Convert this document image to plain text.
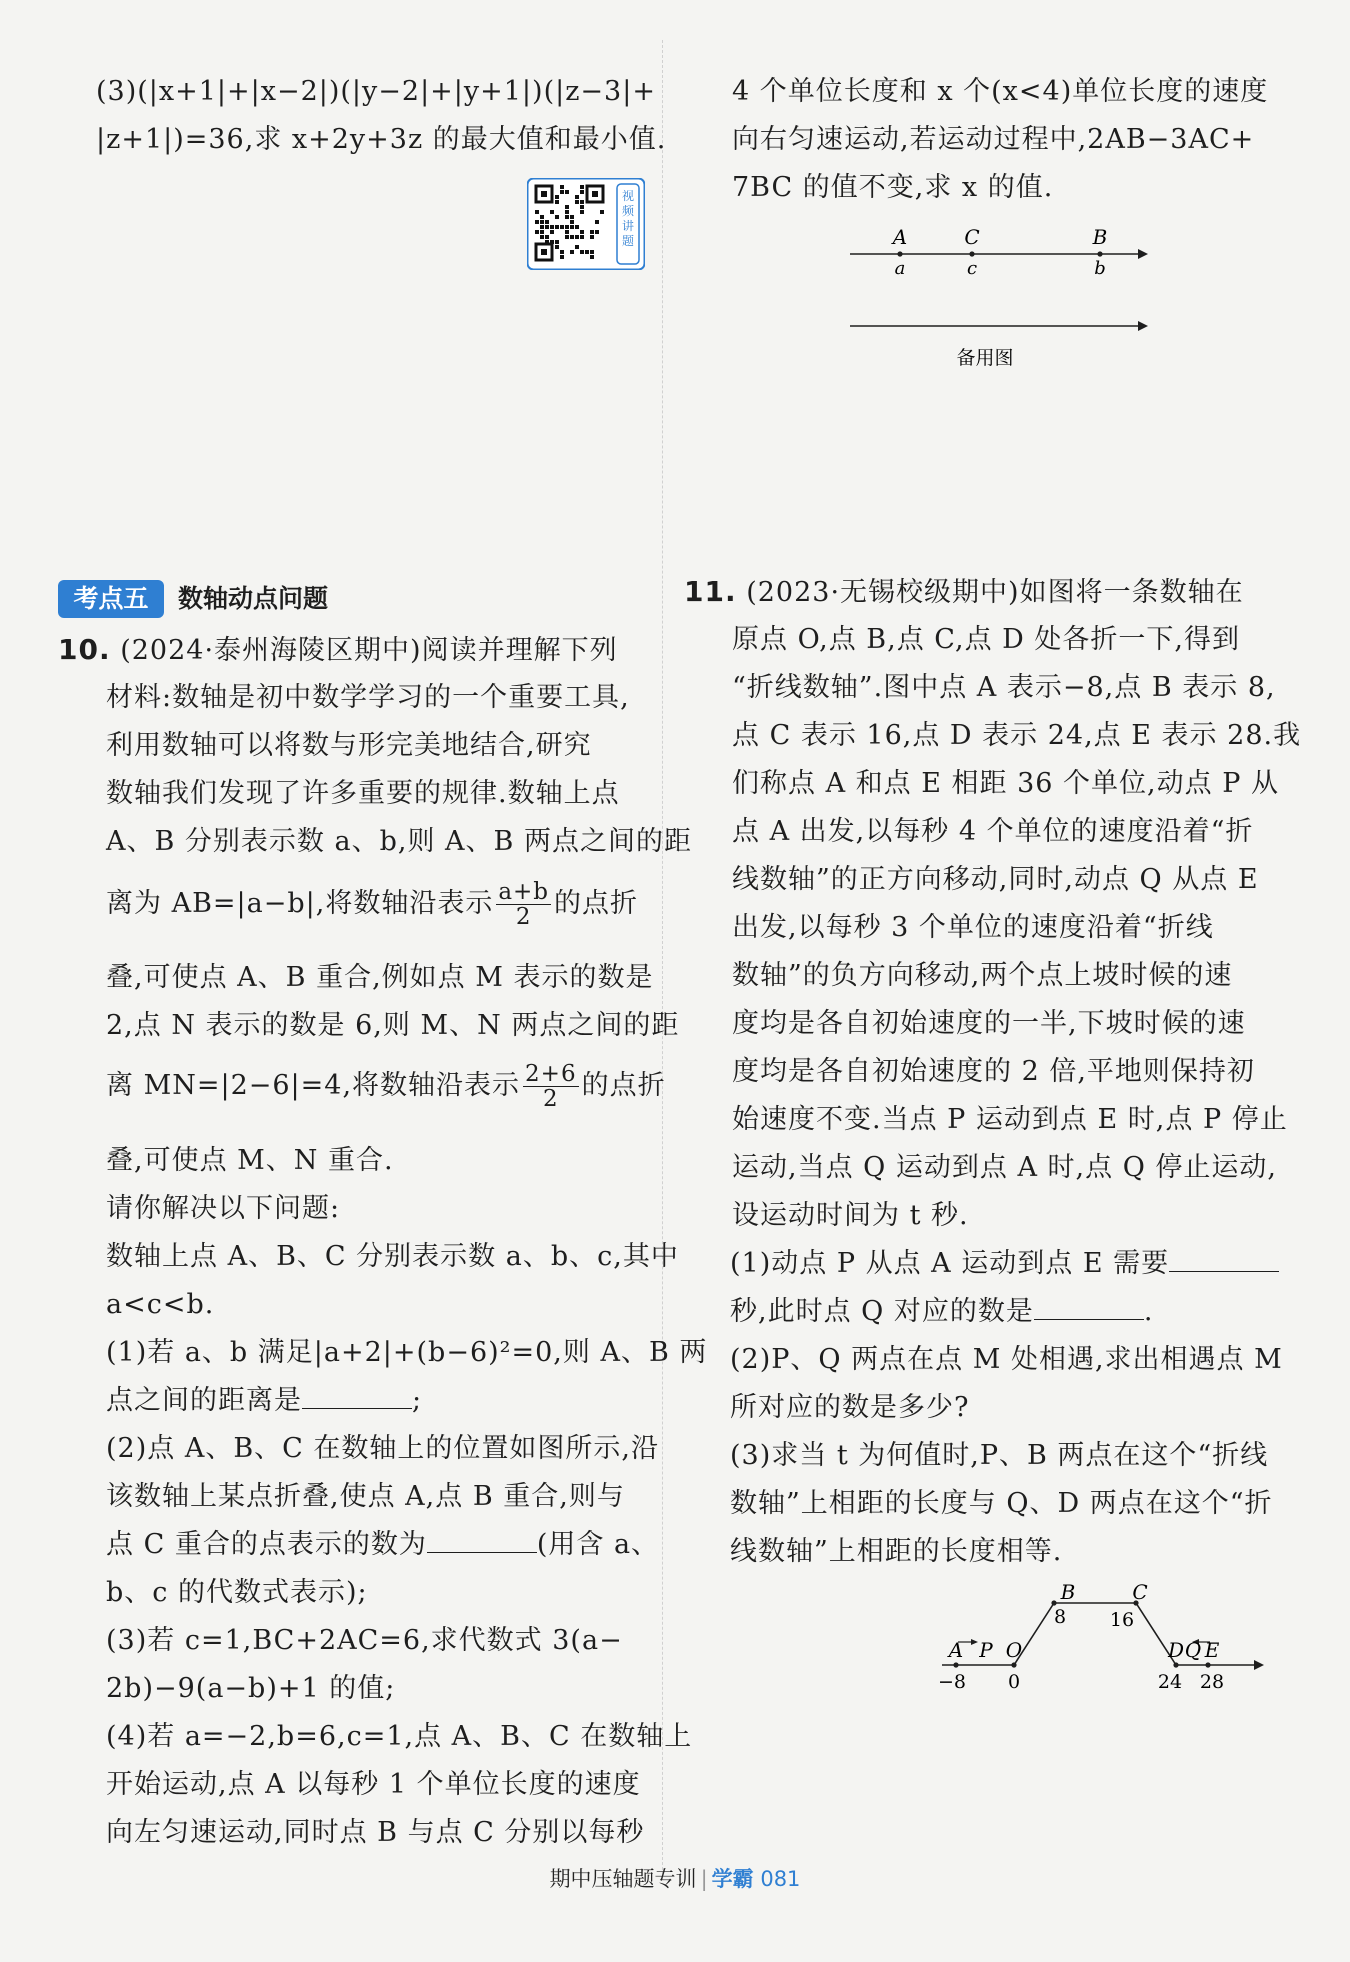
(3)(|x+1|+|x−2|)(|y−2|+|y+1|)(|z−3|+
|z+1|)=36,求 x+2y+3z 的最大值和最小值.
视频讲题
考点五	数轴动点问题
10. (2024·泰州海陵区期中)阅读并理解下列
材料:数轴是初中数学学习的一个重要工具,
利用数轴可以将数与形完美地结合,研究
数轴我们发现了许多重要的规律.数轴上点
A、B 分别表示数 a、b,则 A、B 两点之间的距
离为 AB=|a−b|,将数轴沿表示 $\frac{a+b}{2}$ 的点折
叠,可使点 A、B 重合,例如点 M 表示的数是
2,点 N 表示的数是 6,则 M、N 两点之间的距
离 MN=|2−6|=4,将数轴沿表示 $\frac{2+6}{2}$ 的点折
叠,可使点 M、N 重合.
请你解决以下问题:
数轴上点 A、B、C 分别表示数 a、b、c,其中
a<c<b.
(1)若 a、b 满足|a+2|+(b−6)²=0,则 A、B 两
点之间的距离是	;
(2)点 A、B、C 在数轴上的位置如图所示,沿
该数轴上某点折叠,使点 A,点 B 重合,则与
点 C 重合的点表示的数为	(用含 a、
b、c 的代数式表示);
(3)若 c=1,BC+2AC=6,求代数式 3(a−
2b)−9(a−b)+1 的值;
(4)若 a=−2,b=6,c=1,点 A、B、C 在数轴上
开始运动,点 A 以每秒 1 个单位长度的速度
向左匀速运动,同时点 B 与点 C 分别以每秒
4 个单位长度和 x 个(x<4)单位长度的速度
向右匀速运动,若运动过程中,2AB−3AC+
7BC 的值不变,求 x 的值.
A	C	B
a	c	b
备用图
11. (2023·无锡校级期中)如图将一条数轴在
原点 O,点 B,点 C,点 D 处各折一下,得到
“折线数轴”.图中点 A 表示−8,点 B 表示 8,
点 C 表示 16,点 D 表示 24,点 E 表示 28.我
们称点 A 和点 E 相距 36 个单位,动点 P 从
点 A 出发,以每秒 4 个单位的速度沿着“折
线数轴”的正方向移动,同时,动点 Q 从点 E
出发,以每秒 3 个单位的速度沿着“折线
数轴”的负方向移动,两个点上坡时候的速
度均是各自初始速度的一半,下坡时候的速
度均是各自初始速度的 2 倍,平地则保持初
始速度不变.当点 P 运动到点 E 时,点 P 停止
运动,当点 Q 运动到点 A 时,点 Q 停止运动,
设运动时间为 t 秒.
(1)动点 P 从点 A 运动到点 E 需要
秒,此时点 Q 对应的数是	.
(2)P、Q 两点在点 M 处相遇,求出相遇点 M
所对应的数是多少?
(3)求当 t 为何值时,P、B 两点在这个“折线
数轴”上相距的长度与 Q、D 两点在这个“折
线数轴”上相距的长度相等.
A P O
B	C
D Q E
−8 0
8 16
24 28
期中压轴题专训 | 学霸 081
